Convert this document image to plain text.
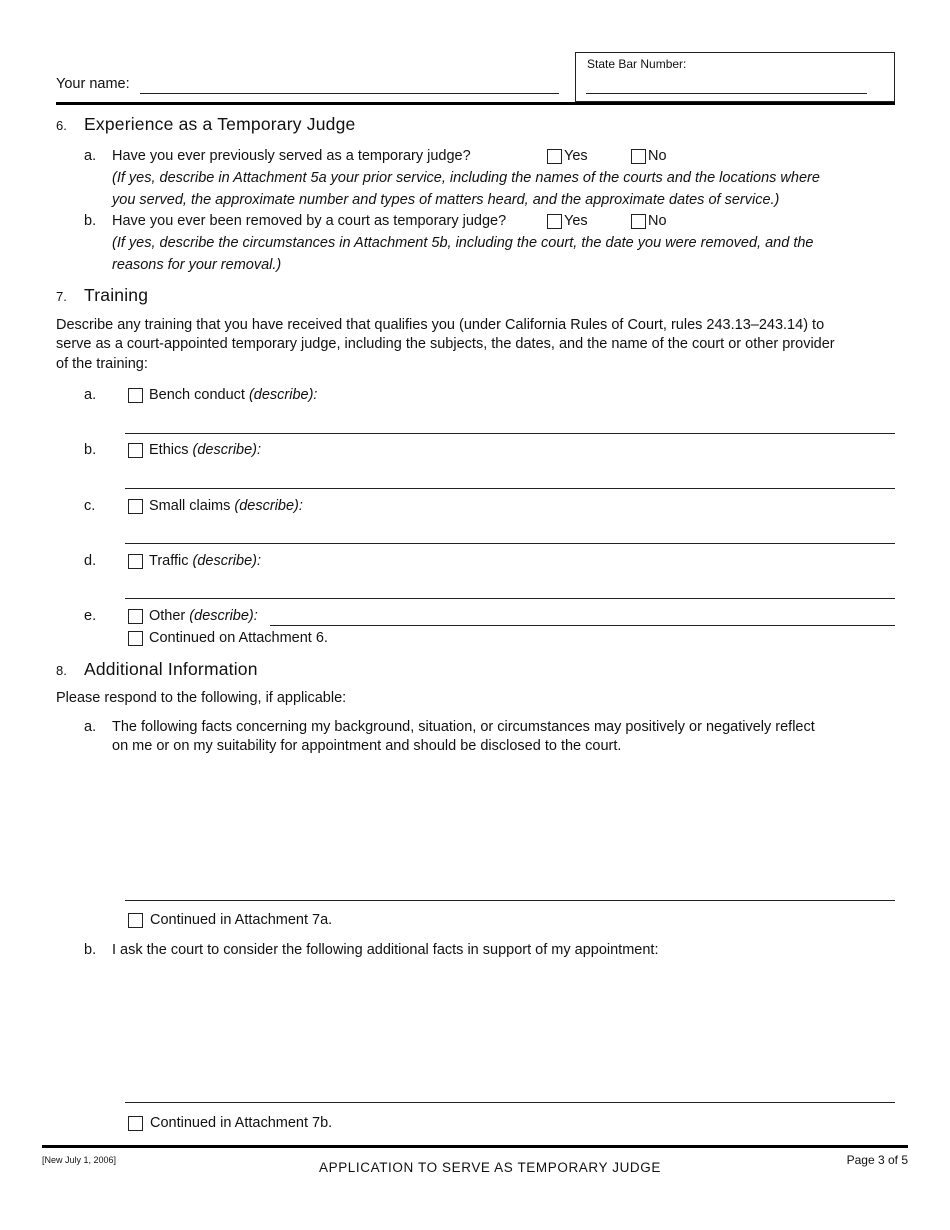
Your name:
State Bar Number:
6. Experience as a Temporary Judge
a. Have you ever previously served as a temporary judge?	Yes	No
(If yes, describe in Attachment 5a your prior service, including the names of the courts and the locations where
you served, the approximate number and types of matters heard, and the approximate dates of service.)
b. Have you ever been removed by a court as temporary judge?	Yes	No
(If yes, describe the circumstances in Attachment 5b, including the court, the date you were removed, and the
reasons for your removal.)
7. Training
Describe any training that you have received that qualifies you (under California Rules of Court, rules 243.13–243.14) to
serve as a court-appointed temporary judge, including the subjects, the dates, and the name of the court or other provider
of the training:
a.	Bench conduct (describe):
b.	Ethics (describe):
c.	Small claims (describe):
d.	Traffic (describe):
e.	Other (describe):
Continued on Attachment 6.
8. Additional Information
Please respond to the following, if applicable:
a. The following facts concerning my background, situation, or circumstances may positively or negatively reflect
on me or on my suitability for appointment and should be disclosed to the court.
Continued in Attachment 7a.
b. I ask the court to consider the following additional facts in support of my appointment:
Continued in Attachment 7b.
[New July 1, 2006]	APPLICATION TO SERVE AS TEMPORARY JUDGE	Page 3 of 5
